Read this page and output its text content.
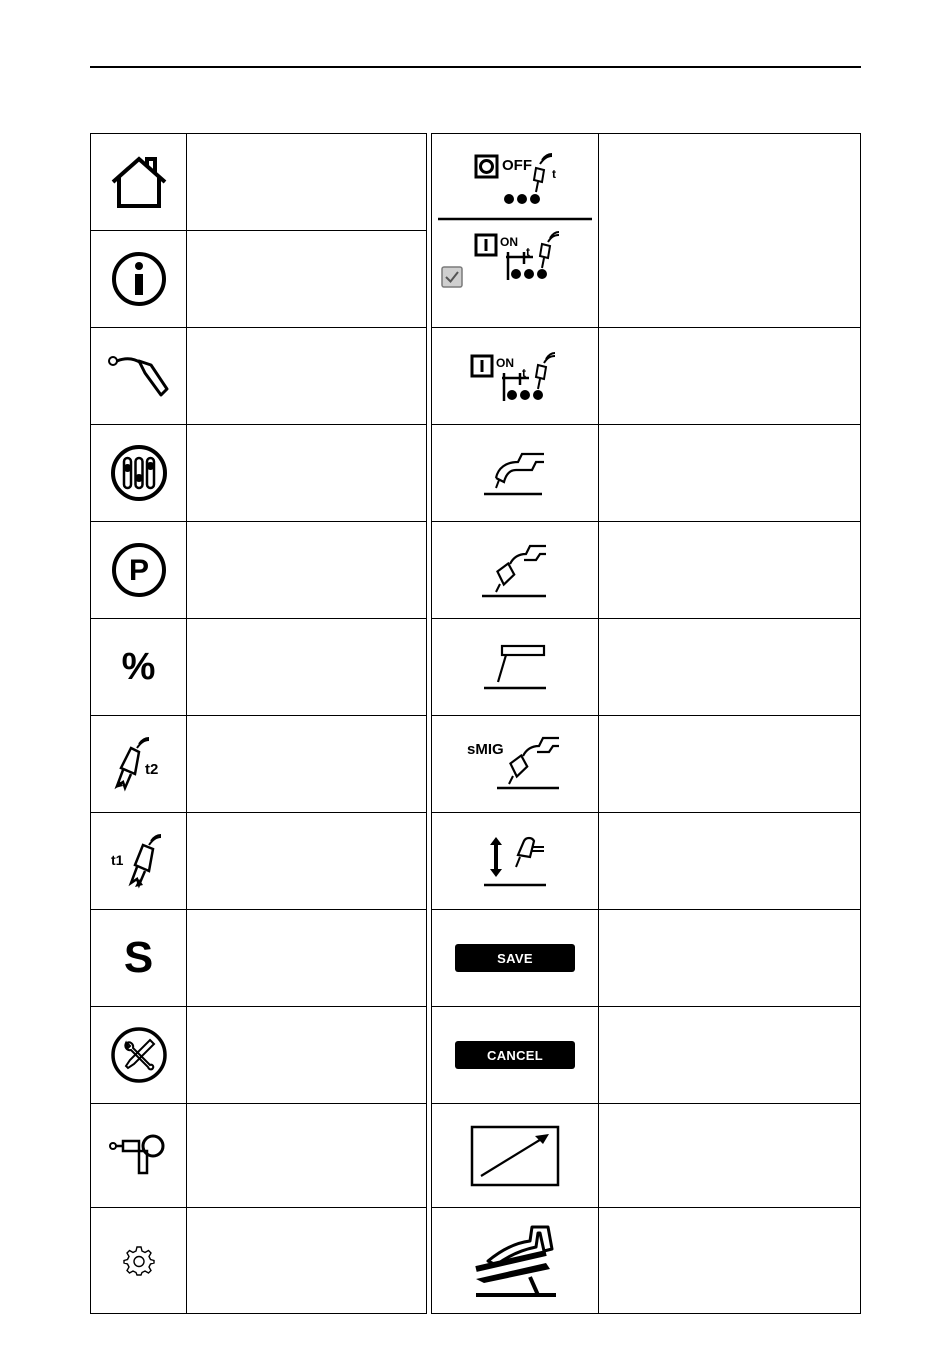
P
%
t2
t1
S
OFF t
ON
t
ON
t
sMIG
SAVE
CANCEL
